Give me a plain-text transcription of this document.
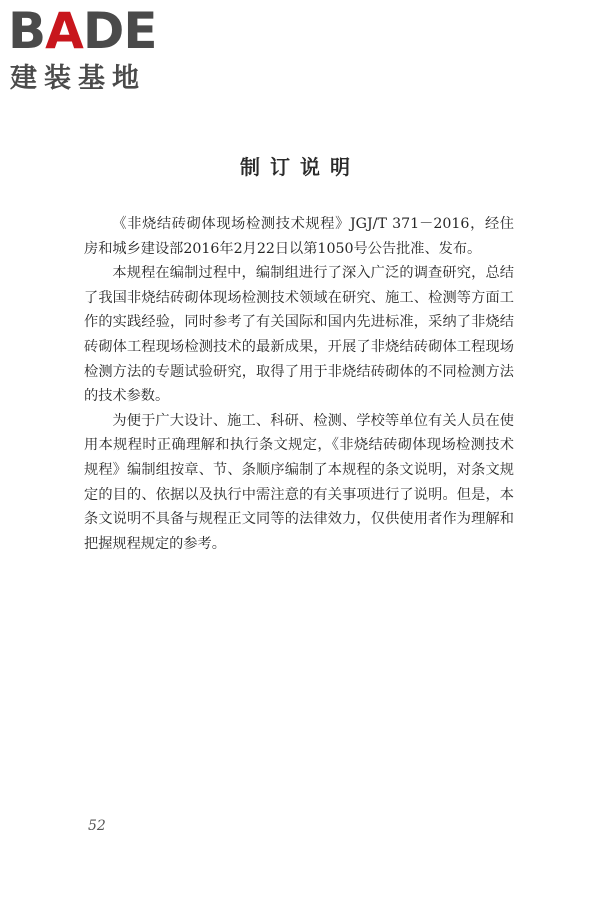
BADE
建装基地
制订说明

《非烧结砖砌体现场检测技术规程》JGJ/T 371－2016，经住房和城乡建设部2016年2月22日以第1050号公告批准、发布。

本规程在编制过程中，编制组进行了深入广泛的调查研究，总结了我国非烧结砖砌体现场检测技术领域在研究、施工、检测等方面工作的实践经验，同时参考了有关国际和国内先进标准，采纳了非烧结砖砌体工程现场检测技术的最新成果，开展了非烧结砖砌体工程现场检测方法的专题试验研究，取得了用于非烧结砖砌体的不同检测方法的技术参数。

为便于广大设计、施工、科研、检测、学校等单位有关人员在使用本规程时正确理解和执行条文规定，《非烧结砖砌体现场检测技术规程》编制组按章、节、条顺序编制了本规程的条文说明，对条文规定的目的、依据以及执行中需注意的有关事项进行了说明。但是，本条文说明不具备与规程正文同等的法律效力，仅供使用者作为理解和把握规程规定的参考。

52
